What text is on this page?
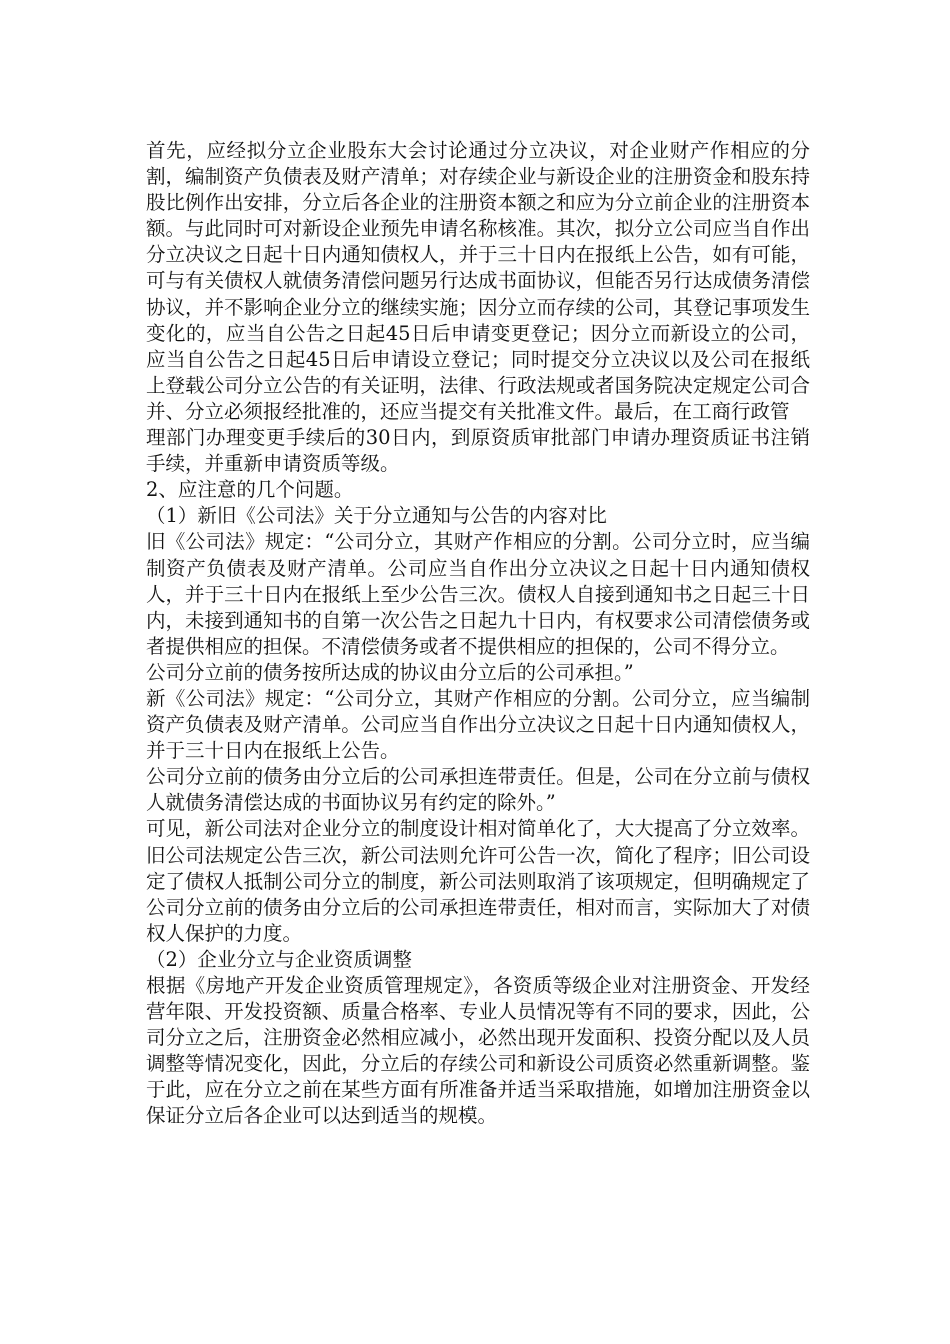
首先，应经拟分立企业股东大会讨论通过分立决议，对企业财产作相应的分割，编制资产负债表及财产清单；对存续企业与新设企业的注册资金和股东持股比例作出安排，分立后各企业的注册资本额之和应为分立前企业的注册资本额。与此同时可对新设企业预先申请名称核准。其次，拟分立公司应当自作出分立决议之日起十日内通知债权人，并于三十日内在报纸上公告，如有可能，可与有关债权人就债务清偿问题另行达成书面协议，但能否另行达成债务清偿协议，并不影响企业分立的继续实施；因分立而存续的公司，其登记事项发生变化的，应当自公告之日起45日后申请变更登记；因分立而新设立的公司，应当自公告之日起45日后申请设立登记；同时提交分立决议以及公司在报纸上登载公司分立公告的有关证明，法律、行政法规或者国务院决定规定公司合并、分立必须报经批准的，还应当提交有关批准文件。最后，在工商行政管

理部门办理变更手续后的30日内，到原资质审批部门申请办理资质证书注销手续，并重新申请资质等级。

2、应注意的几个问题。

（1）新旧《公司法》关于分立通知与公告的内容对比

旧《公司法》规定：“公司分立，其财产作相应的分割。公司分立时，应当编制资产负债表及财产清单。公司应当自作出分立决议之日起十日内通知债权人，并于三十日内在报纸上至少公告三次。债权人自接到通知书之日起三十日内，未接到通知书的自第一次公告之日起九十日内，有权要求公司清偿债务或者提供相应的担保。不清偿债务或者不提供相应的担保的，公司不得分立。

公司分立前的债务按所达成的协议由分立后的公司承担。”

新《公司法》规定：“公司分立，其财产作相应的分割。公司分立，应当编制资产负债表及财产清单。公司应当自作出分立决议之日起十日内通知债权人，并于三十日内在报纸上公告。

公司分立前的债务由分立后的公司承担连带责任。但是，公司在分立前与债权人就债务清偿达成的书面协议另有约定的除外。”

可见，新公司法对企业分立的制度设计相对简单化了，大大提高了分立效率。旧公司法规定公告三次，新公司法则允许可公告一次，简化了程序；旧公司设定了债权人抵制公司分立的制度，新公司法则取消了该项规定，但明确规定了公司分立前的债务由分立后的公司承担连带责任，相对而言，实际加大了对债权人保护的力度。

（2）企业分立与企业资质调整

根据《房地产开发企业资质管理规定》，各资质等级企业对注册资金、开发经营年限、开发投资额、质量合格率、专业人员情况等有不同的要求，因此，公司分立之后，注册资金必然相应减小，必然出现开发面积、投资分配以及人员调整等情况变化，因此，分立后的存续公司和新设公司质资必然重新调整。鉴于此，应在分立之前在某些方面有所准备并适当采取措施，如增加注册资金以保证分立后各企业可以达到适当的规模。
